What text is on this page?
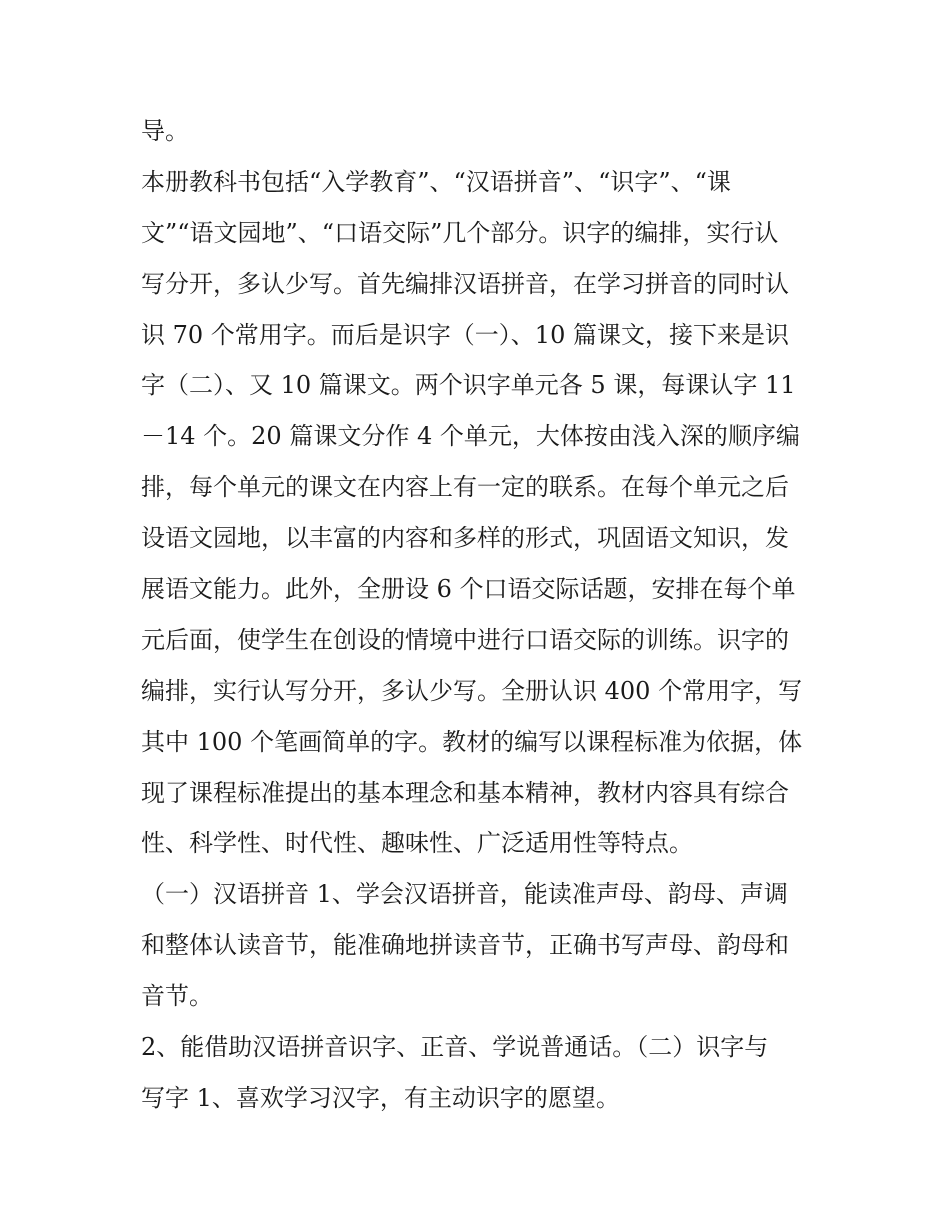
导。
本册教科书包括“入学教育”、“汉语拼音”、“识字”、“课
文”“语文园地”、“口语交际”几个部分。识字的编排，实行认
写分开，多认少写。首先编排汉语拼音，在学习拼音的同时认
识 70 个常用字。而后是识字（一）、10 篇课文，接下来是识
字（二）、又 10 篇课文。两个识字单元各 5 课，每课认字 11
－14 个。20 篇课文分作 4 个单元，大体按由浅入深的顺序编
排，每个单元的课文在内容上有一定的联系。在每个单元之后
设语文园地，以丰富的内容和多样的形式，巩固语文知识，发
展语文能力。此外，全册设 6 个口语交际话题，安排在每个单
元后面，使学生在创设的情境中进行口语交际的训练。识字的
编排，实行认写分开，多认少写。全册认识 400 个常用字，写
其中 100 个笔画简单的字。教材的编写以课程标准为依据，体
现了课程标准提出的基本理念和基本精神，教材内容具有综合
性、科学性、时代性、趣味性、广泛适用性等特点。
（一）汉语拼音 1、学会汉语拼音，能读准声母、韵母、声调
和整体认读音节，能准确地拼读音节，正确书写声母、韵母和
音节。
2、能借助汉语拼音识字、正音、学说普通话。（二）识字与
写字 1、喜欢学习汉字，有主动识字的愿望。
